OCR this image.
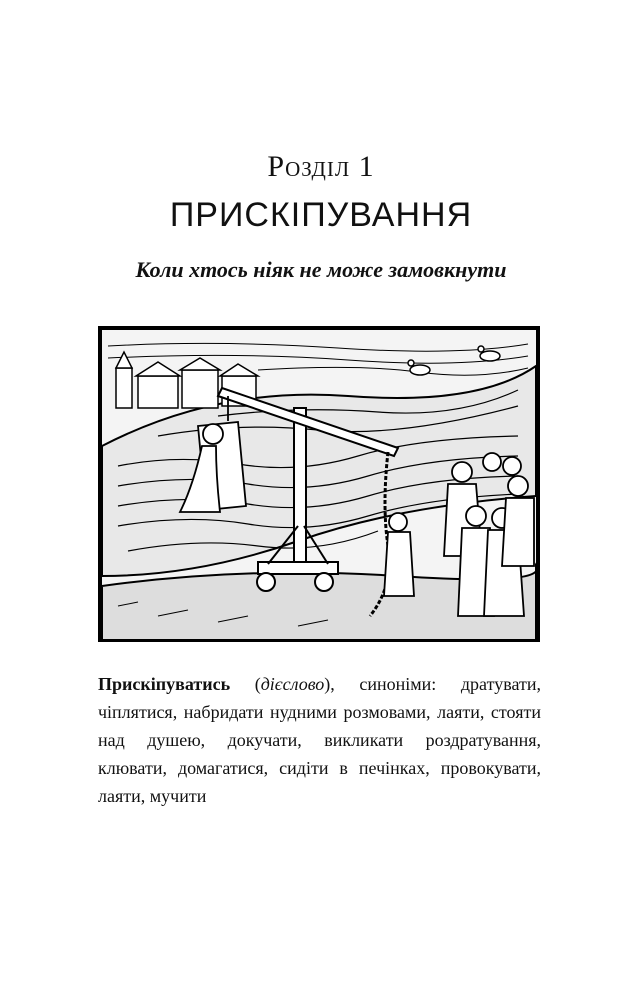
Розділ 1
ПРИСКІПУВАННЯ
Коли хтось ніяк не може замовкнути
Прискіпуватись (дієслово), синоніми: дратувати, чіплятися, набридати нудними розмовами, лаяти, стояти над душею, докучати, викликати роздратування, клювати, домагатися, сидіти в печінках, провокувати, лаяти, мучити
